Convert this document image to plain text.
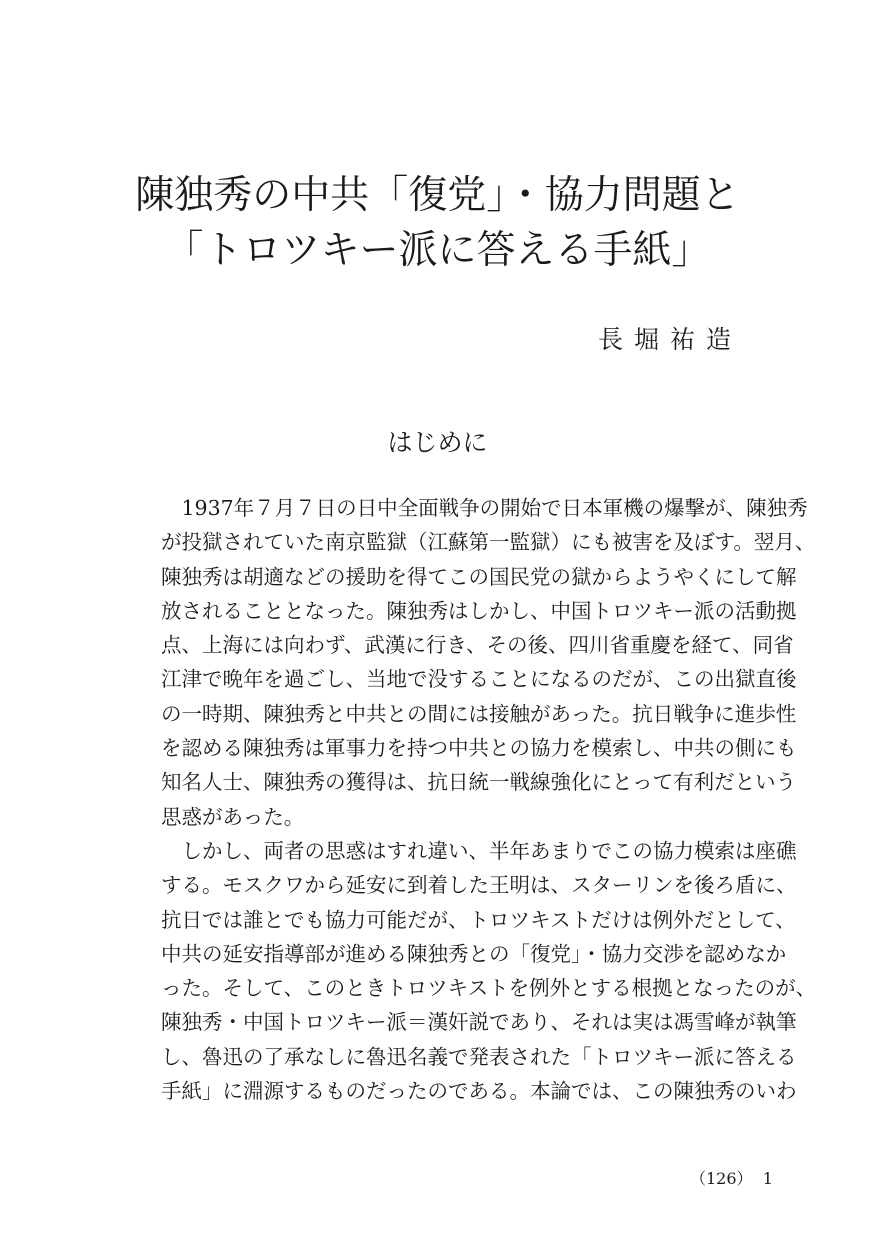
陳独秀の中共「復党」・協力問題と
「トロツキー派に答える手紙」
長堀祐造
はじめに
　1937年７月７日の日中全面戦争の開始で日本軍機の爆撃が、陳独秀
が投獄されていた南京監獄（江蘇第一監獄）にも被害を及ぼす。翌月、
陳独秀は胡適などの援助を得てこの国民党の獄からようやくにして解
放されることとなった。陳独秀はしかし、中国トロツキー派の活動拠
点、上海には向わず、武漢に行き、その後、四川省重慶を経て、同省
江津で晩年を過ごし、当地で没することになるのだが、この出獄直後
の一時期、陳独秀と中共との間には接触があった。抗日戦争に進歩性
を認める陳独秀は軍事力を持つ中共との協力を模索し、中共の側にも
知名人士、陳独秀の獲得は、抗日統一戦線強化にとって有利だという
思惑があった。
　しかし、両者の思惑はすれ違い、半年あまりでこの協力模索は座礁
する。モスクワから延安に到着した王明は、スターリンを後ろ盾に、
抗日では誰とでも協力可能だが、トロツキストだけは例外だとして、
中共の延安指導部が進める陳独秀との「復党」・協力交渉を認めなか
った。そして、このときトロツキストを例外とする根拠となったのが、
陳独秀・中国トロツキー派＝漢奸説であり、それは実は馮雪峰が執筆
し、魯迅の了承なしに魯迅名義で発表された「トロツキー派に答える
手紙」に淵源するものだったのである。本論では、この陳独秀のいわ
（126） 1
